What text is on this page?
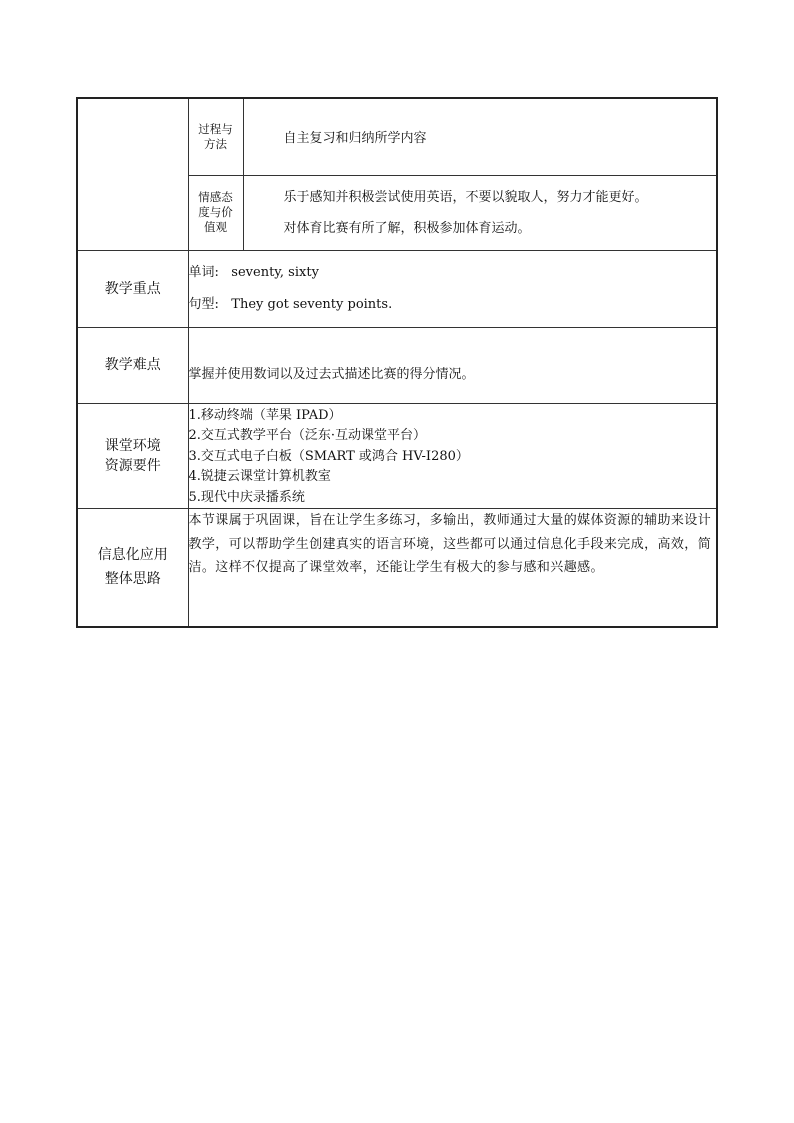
	过程与方法	自主复习和归纳所学内容

	情感态度与价值观	乐于感知并积极尝试使用英语，不要以貌取人，努力才能更好。

对体育比赛有所了解，积极参加体育运动。

教学重点	单词: seventy, sixty
句型: They got seventy points.	

教学难点	掌握并使用数词以及过去式描述比赛的得分情况。	

课堂环境资源要件	1.移动终端（苹果 IPAD）
2.交互式教学平台（泛东·互动课堂平台）
3.交互式电子白板（SMART 或鸿合 HV-I280）
4.锐捷云课堂计算机教室
5.现代中庆录播系统	

信息化应用整体思路	本节课属于巩固课，旨在让学生多练习，多输出，教师通过大量的媒体资源的辅助来设计教学，可以帮助学生创建真实的语言环境，这些都可以通过信息化手段来完成，高效，简洁。这样不仅提高了课堂效率，还能让学生有极大的参与感和兴趣感。	
